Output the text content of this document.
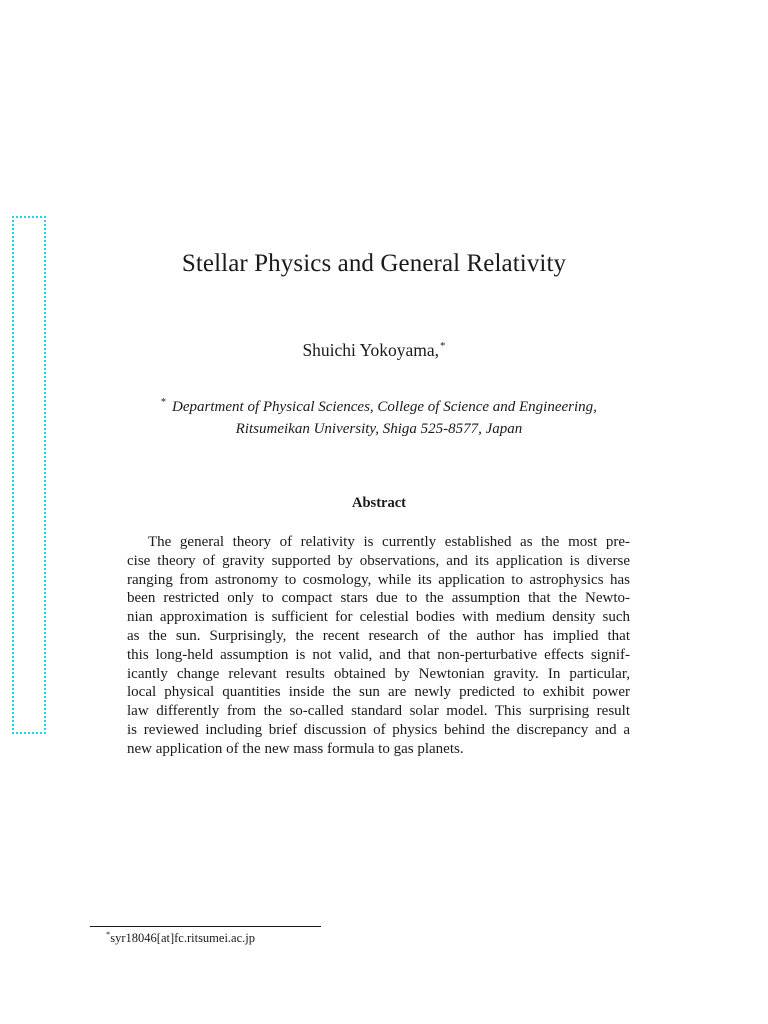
Stellar Physics and General Relativity
Shuichi Yokoyama,*
* Department of Physical Sciences, College of Science and Engineering,
Ritsumeikan University, Shiga 525-8577, Japan
Abstract
The general theory of relativity is currently established as the most pre-
cise theory of gravity supported by observations, and its application is diverse
ranging from astronomy to cosmology, while its application to astrophysics has
been restricted only to compact stars due to the assumption that the Newto-
nian approximation is sufficient for celestial bodies with medium density such
as the sun. Surprisingly, the recent research of the author has implied that
this long-held assumption is not valid, and that non-perturbative effects signif-
icantly change relevant results obtained by Newtonian gravity. In particular,
local physical quantities inside the sun are newly predicted to exhibit power
law differently from the so-called standard solar model. This surprising result
is reviewed including brief discussion of physics behind the discrepancy and a
new application of the new mass formula to gas planets.
*syr18046[at]fc.ritsumei.ac.jp
